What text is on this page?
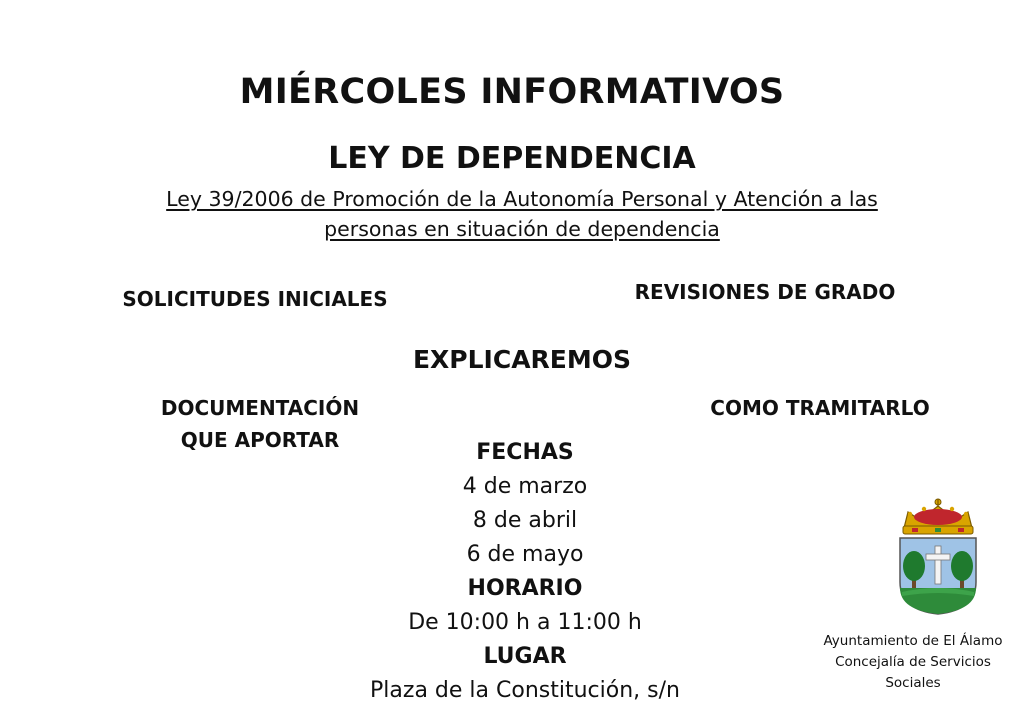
MIÉRCOLES INFORMATIVOS
LEY DE DEPENDENCIA
Ley 39/2006 de Promoción de la Autonomía Personal y Atención a las
personas en situación de dependencia
SOLICITUDES INICIALES	REVISIONES DE GRADO
EXPLICAREMOS
DOCUMENTACIÓN
QUE APORTAR
COMO TRAMITARLO
FECHAS
4 de marzo
8 de abril
6 de mayo
HORARIO
De 10:00 h a 11:00 h
LUGAR
Plaza de la Constitución, s/n
Ayuntamiento de El Álamo
Concejalía de Servicios
Sociales
